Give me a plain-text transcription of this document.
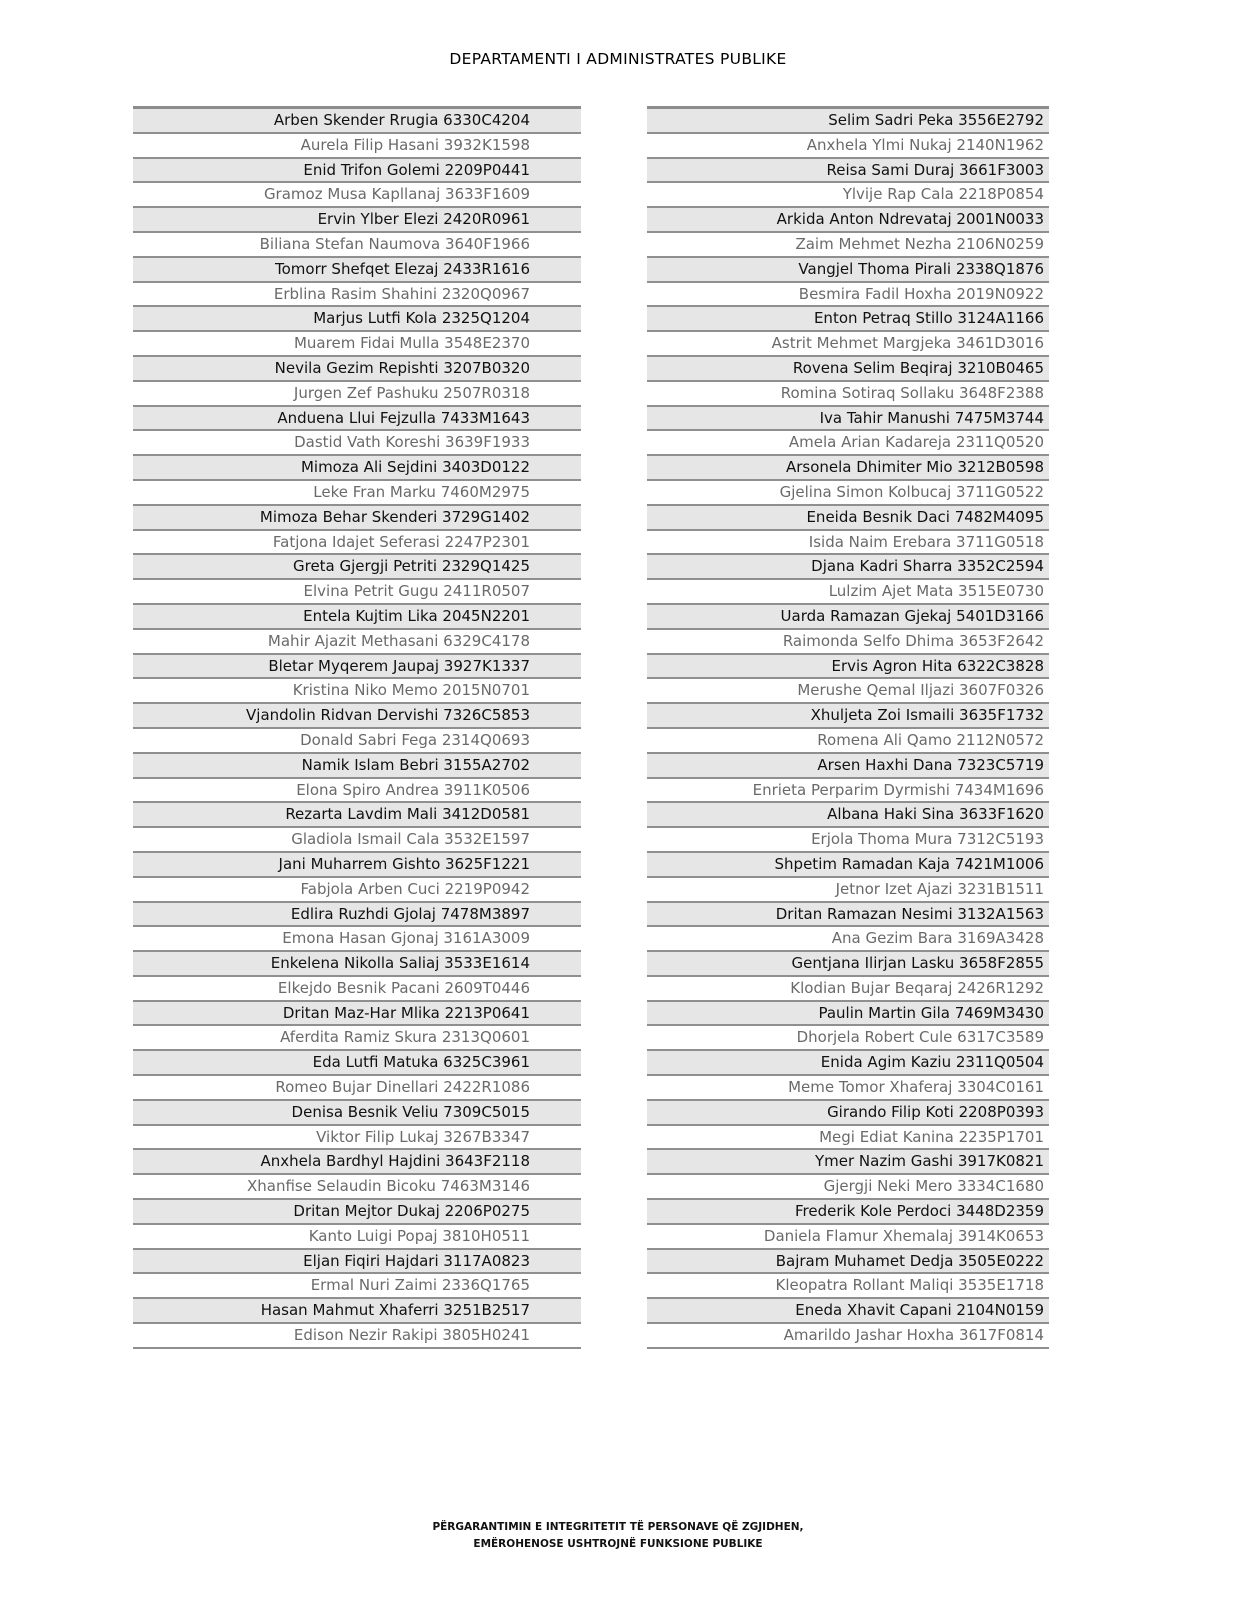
DEPARTAMENTI I ADMINISTRATES PUBLIKE
Arben Skender Rrugia 6330C4204
Aurela Filip Hasani 3932K1598
Enid Trifon Golemi 2209P0441
Gramoz Musa Kapllanaj 3633F1609
Ervin Ylber Elezi 2420R0961
Biliana Stefan Naumova 3640F1966
Tomorr Shefqet Elezaj 2433R1616
Erblina Rasim Shahini 2320Q0967
Marjus Lutfi Kola 2325Q1204
Muarem Fidai Mulla 3548E2370
Nevila Gezim Repishti 3207B0320
Jurgen Zef Pashuku 2507R0318
Anduena Llui Fejzulla 7433M1643
Dastid Vath Koreshi 3639F1933
Mimoza Ali Sejdini 3403D0122
Leke Fran Marku 7460M2975
Mimoza Behar Skenderi 3729G1402
Fatjona Idajet Seferasi 2247P2301
Greta Gjergji Petriti 2329Q1425
Elvina Petrit Gugu 2411R0507
Entela Kujtim Lika 2045N2201
Mahir Ajazit Methasani 6329C4178
Bletar Myqerem Jaupaj 3927K1337
Kristina Niko Memo 2015N0701
Vjandolin Ridvan Dervishi 7326C5853
Donald Sabri Fega 2314Q0693
Namik Islam Bebri 3155A2702
Elona Spiro Andrea 3911K0506
Rezarta Lavdim Mali 3412D0581
Gladiola Ismail Cala 3532E1597
Jani Muharrem Gishto 3625F1221
Fabjola Arben Cuci 2219P0942
Edlira Ruzhdi Gjolaj 7478M3897
Emona Hasan Gjonaj 3161A3009
Enkelena Nikolla Saliaj 3533E1614
Elkejdo Besnik Pacani 2609T0446
Dritan Maz-Har Mlika 2213P0641
Aferdita Ramiz Skura 2313Q0601
Eda Lutfi Matuka 6325C3961
Romeo Bujar Dinellari 2422R1086
Denisa Besnik Veliu 7309C5015
Viktor Filip Lukaj 3267B3347
Anxhela Bardhyl Hajdini 3643F2118
Xhanfise Selaudin Bicoku 7463M3146
Dritan Mejtor Dukaj 2206P0275
Kanto Luigi Popaj 3810H0511
Eljan Fiqiri Hajdari 3117A0823
Ermal Nuri Zaimi 2336Q1765
Hasan Mahmut Xhaferri 3251B2517
Edison Nezir Rakipi 3805H0241
Selim Sadri Peka 3556E2792
Anxhela Ylmi Nukaj 2140N1962
Reisa Sami Duraj 3661F3003
Ylvije Rap Cala 2218P0854
Arkida Anton Ndrevataj 2001N0033
Zaim Mehmet Nezha 2106N0259
Vangjel Thoma Pirali 2338Q1876
Besmira Fadil Hoxha 2019N0922
Enton Petraq Stillo 3124A1166
Astrit Mehmet Margjeka 3461D3016
Rovena Selim Beqiraj 3210B0465
Romina Sotiraq Sollaku 3648F2388
Iva Tahir Manushi 7475M3744
Amela Arian Kadareja 2311Q0520
Arsonela Dhimiter Mio 3212B0598
Gjelina Simon Kolbucaj 3711G0522
Eneida Besnik Daci 7482M4095
Isida Naim Erebara 3711G0518
Djana Kadri Sharra 3352C2594
Lulzim Ajet Mata 3515E0730
Uarda Ramazan Gjekaj 5401D3166
Raimonda Selfo Dhima 3653F2642
Ervis Agron Hita 6322C3828
Merushe Qemal Iljazi 3607F0326
Xhuljeta Zoi Ismaili 3635F1732
Romena Ali Qamo 2112N0572
Arsen Haxhi Dana 7323C5719
Enrieta Perparim Dyrmishi 7434M1696
Albana Haki Sina 3633F1620
Erjola Thoma Mura 7312C5193
Shpetim Ramadan Kaja 7421M1006
Jetnor Izet Ajazi 3231B1511
Dritan Ramazan Nesimi 3132A1563
Ana Gezim Bara 3169A3428
Gentjana Ilirjan Lasku 3658F2855
Klodian Bujar Beqaraj 2426R1292
Paulin Martin Gila 7469M3430
Dhorjela Robert Cule 6317C3589
Enida Agim Kaziu 2311Q0504
Meme Tomor Xhaferaj 3304C0161
Girando Filip Koti 2208P0393
Megi Ediat Kanina 2235P1701
Ymer Nazim Gashi 3917K0821
Gjergji Neki Mero 3334C1680
Frederik Kole Perdoci 3448D2359
Daniela Flamur Xhemalaj 3914K0653
Bajram Muhamet Dedja 3505E0222
Kleopatra Rollant Maliqi 3535E1718
Eneda Xhavit Capani 2104N0159
Amarildo Jashar Hoxha 3617F0814
PËRGARANTIMIN E INTEGRITETIT TË PERSONAVE QË ZGJIDHEN,
EMËROHENOSE USHTROJNË FUNKSIONE PUBLIKE
